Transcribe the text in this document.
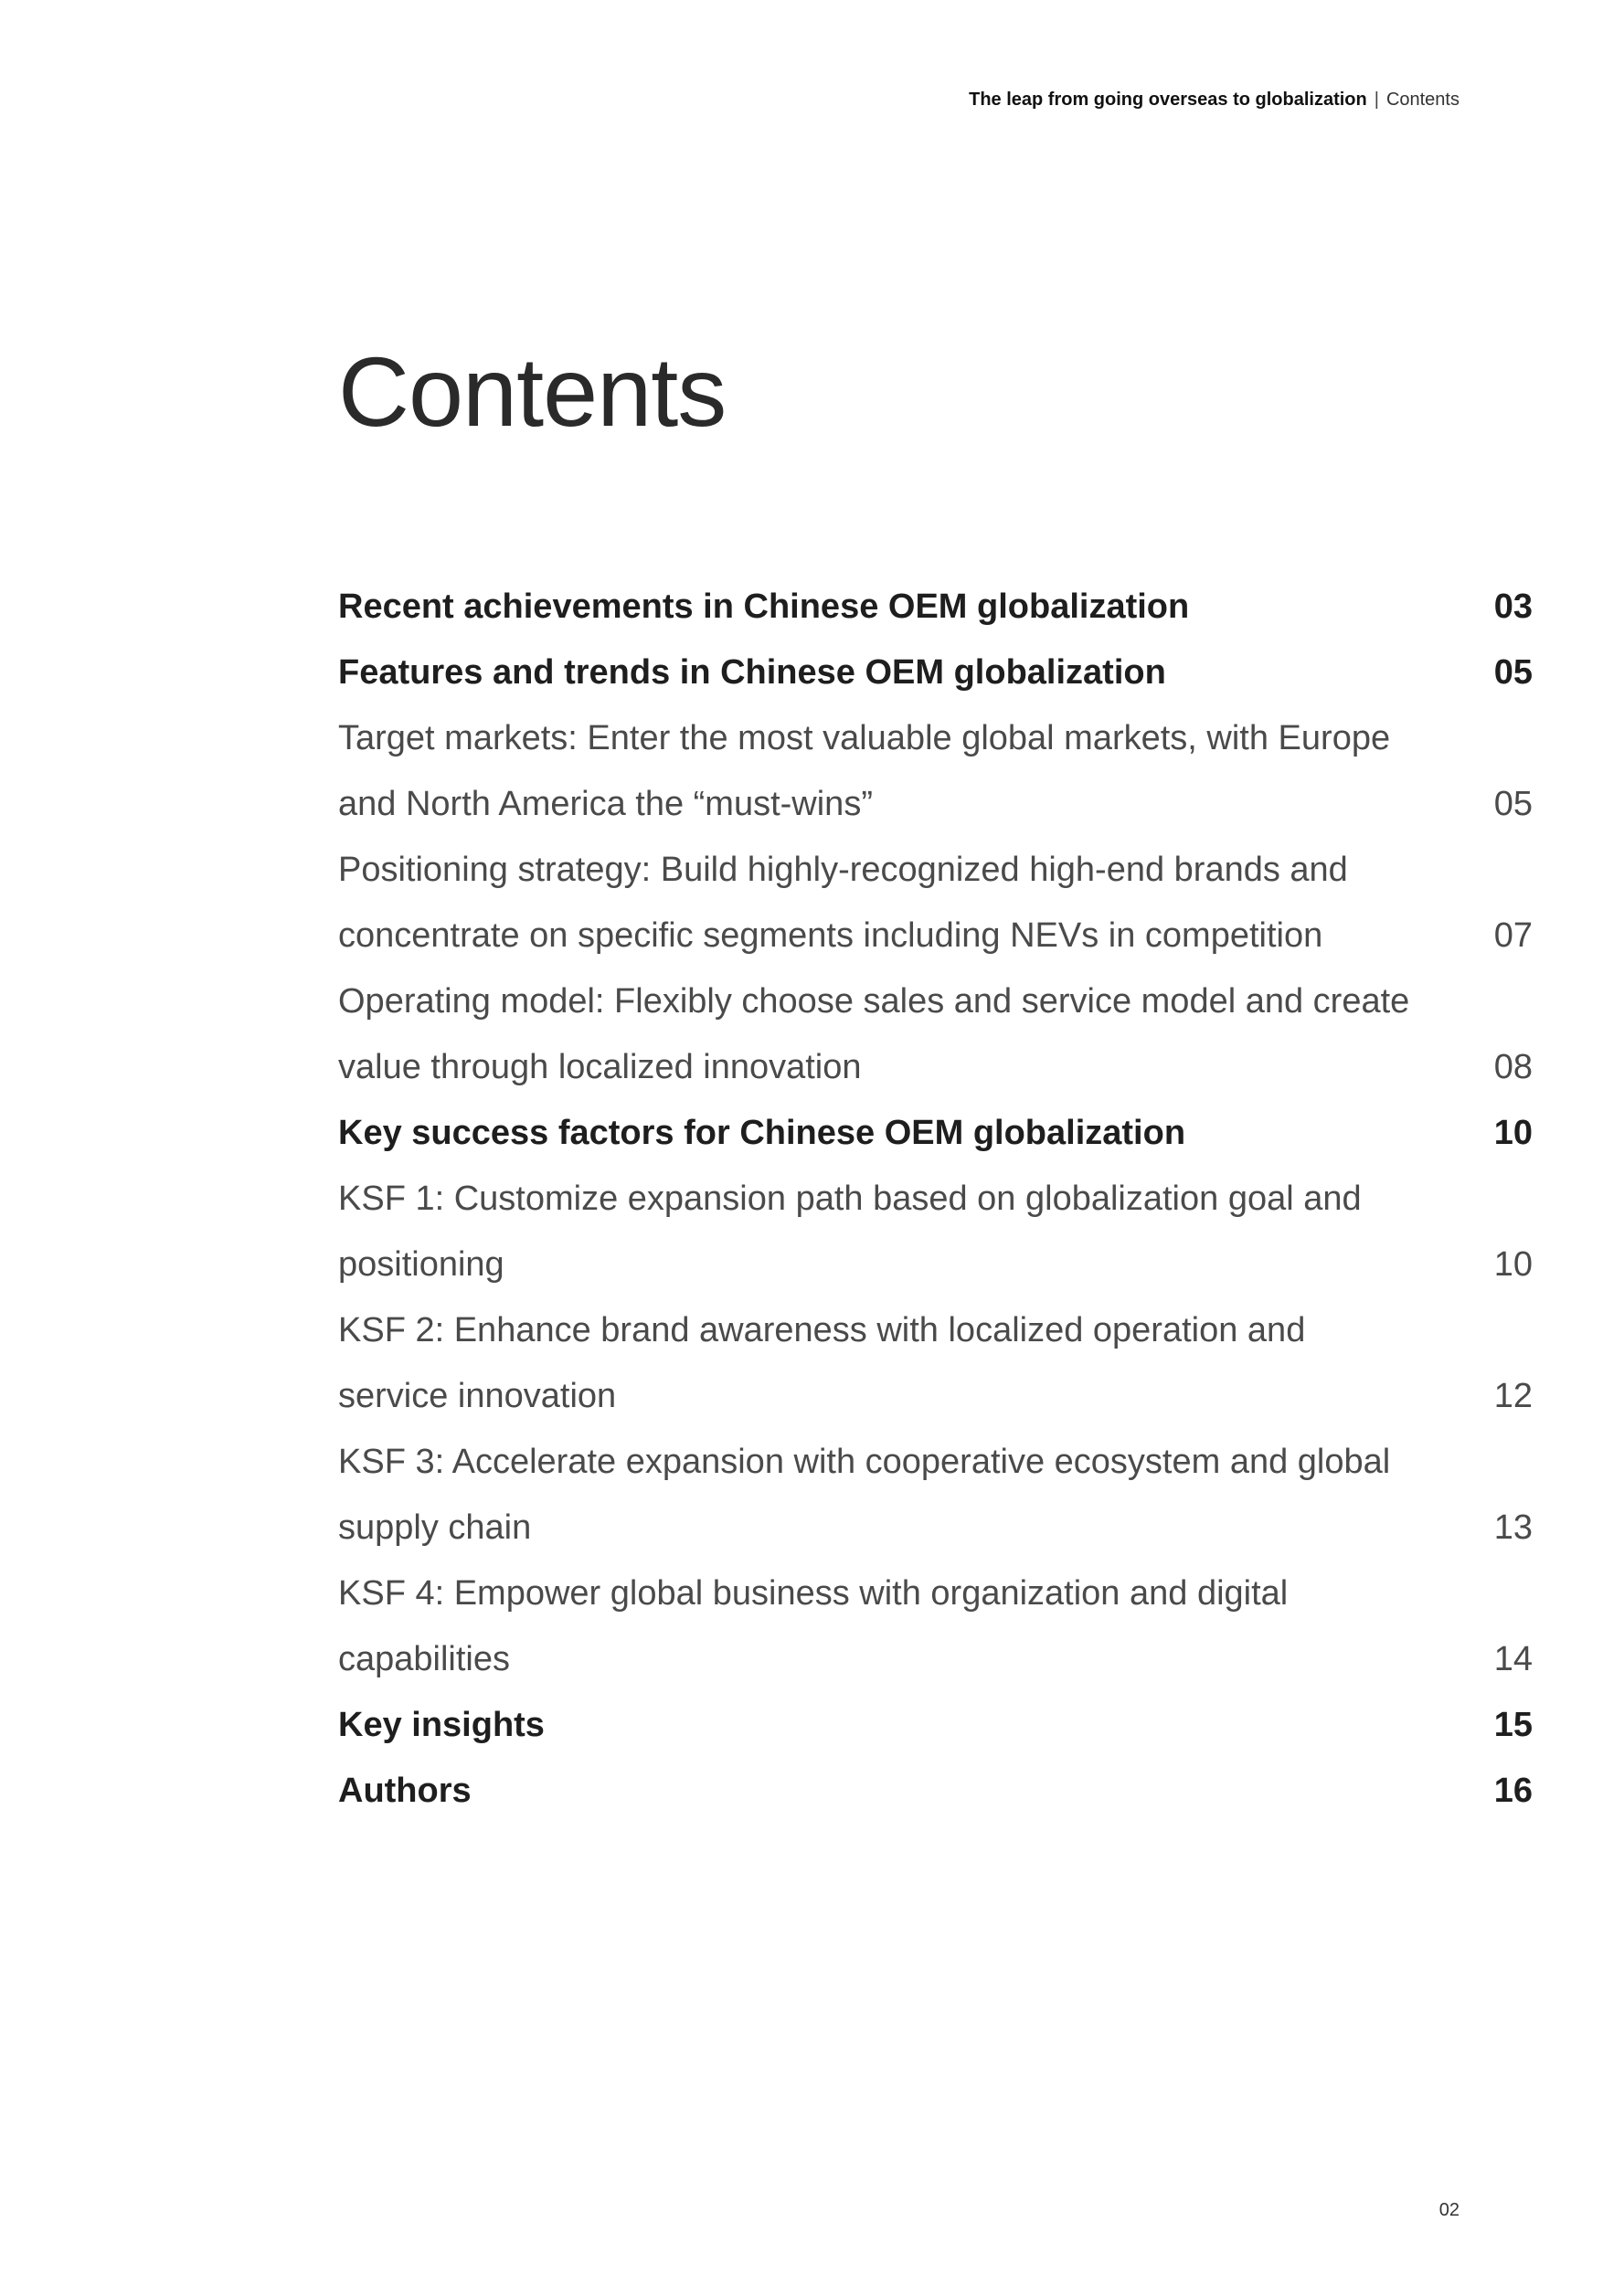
The leap from going overseas to globalization | Contents
Contents
Recent achievements in Chinese OEM globalization	03
Features and trends in Chinese OEM globalization	05
Target markets: Enter the most valuable global markets, with Europe and North America the “must-wins”	05
Positioning strategy: Build highly-recognized high-end brands and concentrate on specific segments including NEVs in competition	07
Operating model: Flexibly choose sales and service model and create value through localized innovation	08
Key success factors for Chinese OEM globalization	10
KSF 1: Customize expansion path based on globalization goal and positioning	10
KSF 2: Enhance brand awareness with localized operation and service innovation	12
KSF 3: Accelerate expansion with cooperative ecosystem and global supply chain	13
KSF 4: Empower global business with organization and digital capabilities	14
Key insights	15
Authors	16
02
